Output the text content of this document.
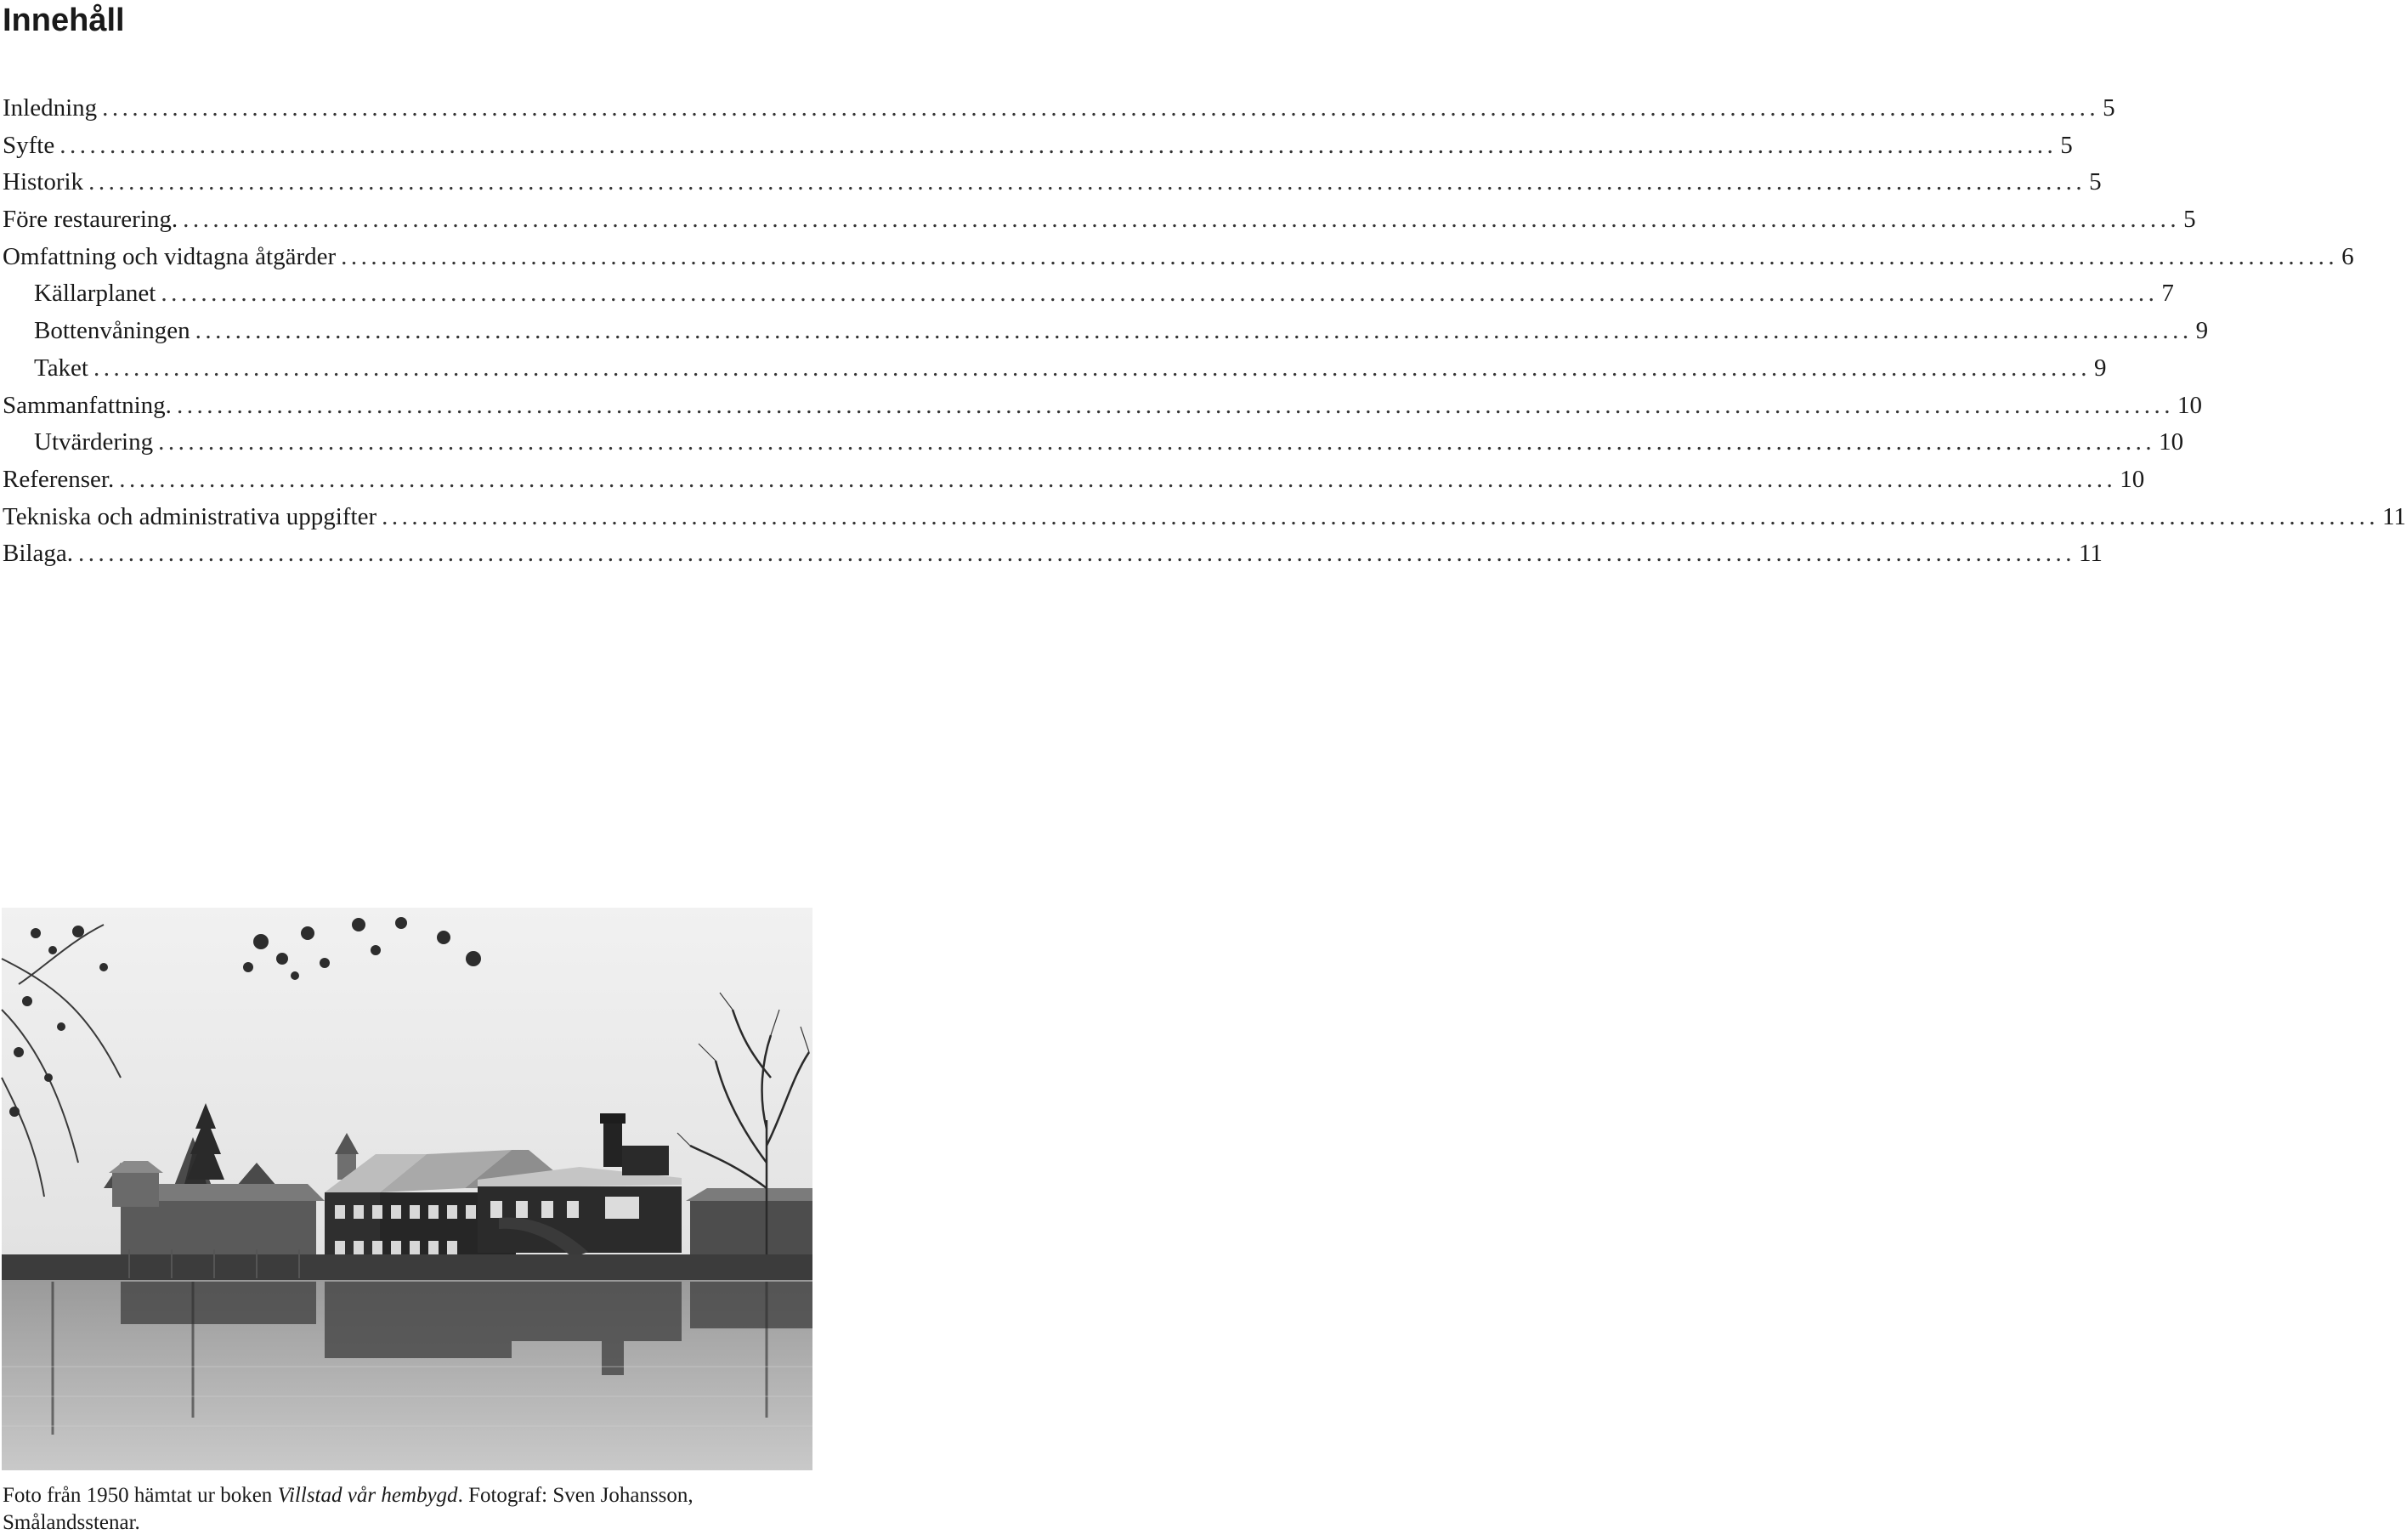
Innehåll
Inledning ........................................................................................................................................................................................................ 5
Syfte ........................................................................................................................................................................................................ 5
Historik ........................................................................................................................................................................................................ 5
Före restaurering. ........................................................................................................................................................................................................ 5
Omfattning och vidtagna åtgärder ........................................................................................................................................................................................................ 6
Källarplanet ........................................................................................................................................................................................................ 7
Bottenvåningen ........................................................................................................................................................................................................ 9
Taket ........................................................................................................................................................................................................ 9
Sammanfattning. ........................................................................................................................................................................................................ 10
Utvärdering ........................................................................................................................................................................................................ 10
Referenser. ........................................................................................................................................................................................................ 10
Tekniska och administrativa uppgifter ........................................................................................................................................................................................................ 11
Bilaga. ........................................................................................................................................................................................................ 11

Foto från 1950 hämtat ur boken Villstad vår hembygd. Fotograf: Sven Johansson, Smålandsstenar.
